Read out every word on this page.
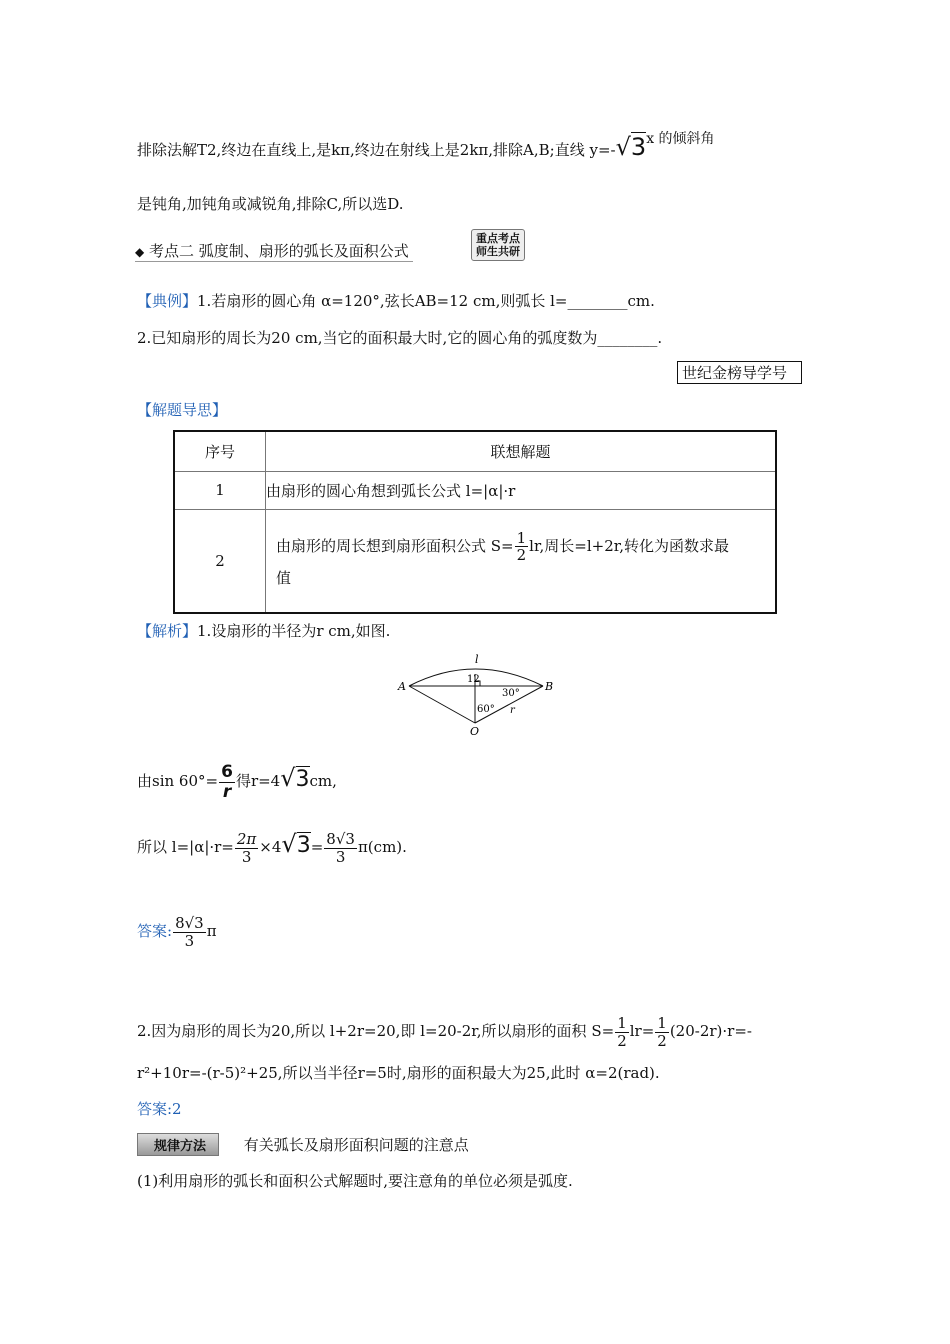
排除法解T2,终边在直线上,是kπ,终边在射线上是2kπ,排除A,B;直线 $y=-√3^{x 的倾斜角}$
是钝角,加钝角或减锐角,排除C,所以选D.
◆ 考点二 弧度制、扇形的弧长及面积公式
重点考点
师生共研
【典例】1.若扇形的圆心角 α=120°,弦长AB=12 cm,则弧长 l=________cm.
2.已知扇形的周长为20 cm,当它的面积最大时,它的圆心角的弧度数为________.
世纪金榜导学号
【解题导思】
序号	联想解题
1	由扇形的圆心角想到弧长公式 l=|α|·r
2	由扇形的周长想到扇形面积公式 $S= \frac{1}{2}$ lr,周长=l+2r,转化为函数求最
值
【解析】1.设扇形的半径为r cm,如图.
l
12
A	B
O
30°
60° r
由$\sin 60^\circ= \frac{6}{r}$ 得r=4√3cm,
所以 $l=|\alpha|\cdot r= \frac{2\pi}{3} \times 4√3= \frac{8√3}{3} \pi(cm)$.
答案: $\frac{8√3}{3}$ π
2.因为扇形的周长为20,所以 l+2r=20,即 l=20-2r,所以扇形的面积 $S= \frac{1}{2} lr= \frac{1}{2} (20-2r)\cdot r=-$
r²+10r=-(r-5)²+25,所以当半径r=5时,扇形的面积最大为25,此时 α=2(rad).
答案:2
规律方法	有关弧长及扇形面积问题的注意点
(1)利用扇形的弧长和面积公式解题时,要注意角的单位必须是弧度.
